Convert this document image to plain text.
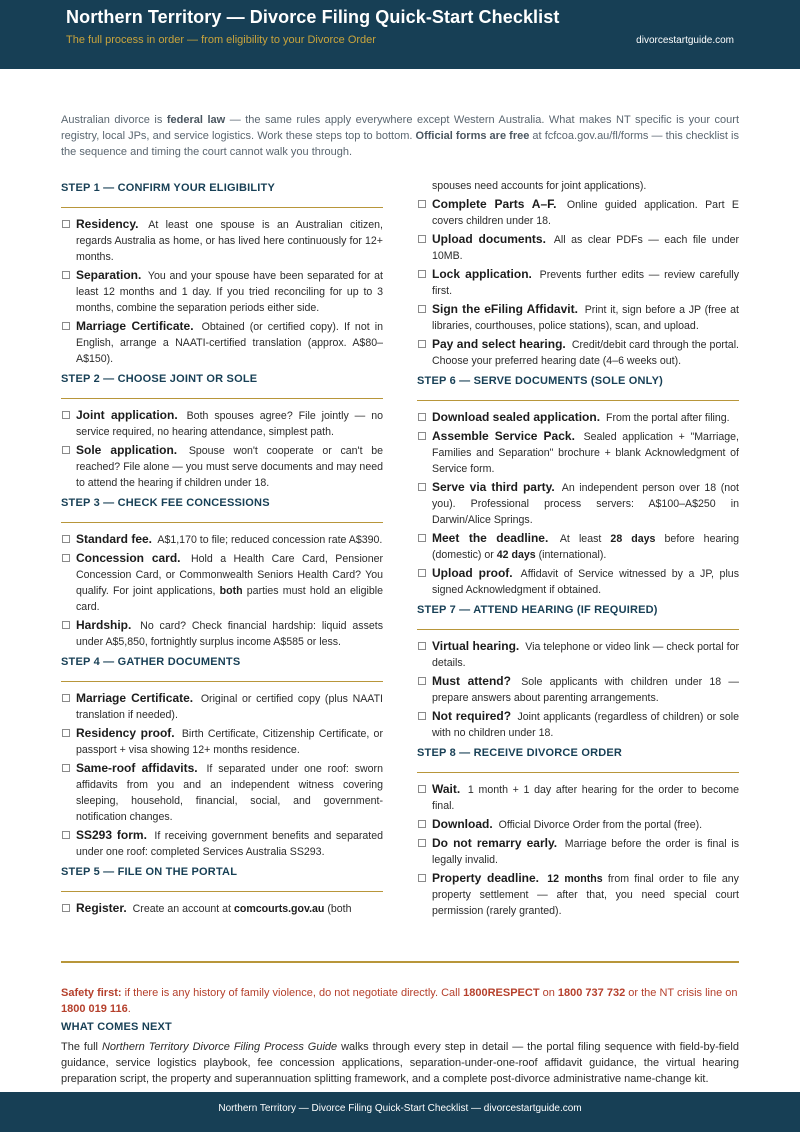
Northern Territory — Divorce Filing Quick-Start Checklist
The full process in order — from eligibility to your Divorce Order	divorcestartguide.com
Australian divorce is federal law — the same rules apply everywhere except Western Australia. What makes NT specific is your court registry, local JPs, and service logistics. Work these steps top to bottom. Official forms are free at fcfcoa.gov.au/fl/forms — this checklist is the sequence and timing the court cannot walk you through.
STEP 1 — CONFIRM YOUR ELIGIBILITY
Residency. At least one spouse is an Australian citizen, regards Australia as home, or has lived here continuously for 12+ months.
Separation. You and your spouse have been separated for at least 12 months and 1 day. If you tried reconciling for up to 3 months, combine the separation periods either side.
Marriage Certificate. Obtained (or certified copy). If not in English, arrange a NAATI-certified translation (approx. A$80–A$150).
STEP 2 — CHOOSE JOINT OR SOLE
Joint application. Both spouses agree? File jointly — no service required, no hearing attendance, simplest path.
Sole application. Spouse won't cooperate or can't be reached? File alone — you must serve documents and may need to attend the hearing if children under 18.
STEP 3 — CHECK FEE CONCESSIONS
Standard fee. A$1,170 to file; reduced concession rate A$390.
Concession card. Hold a Health Care Card, Pensioner Concession Card, or Commonwealth Seniors Health Card? You qualify. For joint applications, both parties must hold an eligible card.
Hardship. No card? Check financial hardship: liquid assets under A$5,850, fortnightly surplus income A$585 or less.
STEP 4 — GATHER DOCUMENTS
Marriage Certificate. Original or certified copy (plus NAATI translation if needed).
Residency proof. Birth Certificate, Citizenship Certificate, or passport + visa showing 12+ months residence.
Same-roof affidavits. If separated under one roof: sworn affidavits from you and an independent witness covering sleeping, household, financial, social, and government-notification changes.
SS293 form. If receiving government benefits and separated under one roof: completed Services Australia SS293.
STEP 5 — FILE ON THE PORTAL
Register. Create an account at comcourts.gov.au (both
spouses need accounts for joint applications).
Complete Parts A–F. Online guided application. Part E covers children under 18.
Upload documents. All as clear PDFs — each file under 10MB.
Lock application. Prevents further edits — review carefully first.
Sign the eFiling Affidavit. Print it, sign before a JP (free at libraries, courthouses, police stations), scan, and upload.
Pay and select hearing. Credit/debit card through the portal. Choose your preferred hearing date (4–6 weeks out).
STEP 6 — SERVE DOCUMENTS (SOLE ONLY)
Download sealed application. From the portal after filing.
Assemble Service Pack. Sealed application + "Marriage, Families and Separation" brochure + blank Acknowledgment of Service form.
Serve via third party. An independent person over 18 (not you). Professional process servers: A$100–A$250 in Darwin/Alice Springs.
Meet the deadline. At least 28 days before hearing (domestic) or 42 days (international).
Upload proof. Affidavit of Service witnessed by a JP, plus signed Acknowledgment if obtained.
STEP 7 — ATTEND HEARING (IF REQUIRED)
Virtual hearing. Via telephone or video link — check portal for details.
Must attend? Sole applicants with children under 18 — prepare answers about parenting arrangements.
Not required? Joint applicants (regardless of children) or sole with no children under 18.
STEP 8 — RECEIVE DIVORCE ORDER
Wait. 1 month + 1 day after hearing for the order to become final.
Download. Official Divorce Order from the portal (free).
Do not remarry early. Marriage before the order is final is legally invalid.
Property deadline. 12 months from final order to file any property settlement — after that, you need special court permission (rarely granted).
Safety first: if there is any history of family violence, do not negotiate directly. Call 1800RESPECT on 1800 737 732 or the NT crisis line on 1800 019 116.
WHAT COMES NEXT
The full Northern Territory Divorce Filing Process Guide walks through every step in detail — the portal filing sequence with field-by-field guidance, service logistics playbook, fee concession applications, separation-under-one-roof affidavit guidance, the virtual hearing preparation script, the property and superannuation splitting framework, and a complete post-divorce administrative name-change kit.
Northern Territory — Divorce Filing Quick-Start Checklist — divorcestartguide.com
